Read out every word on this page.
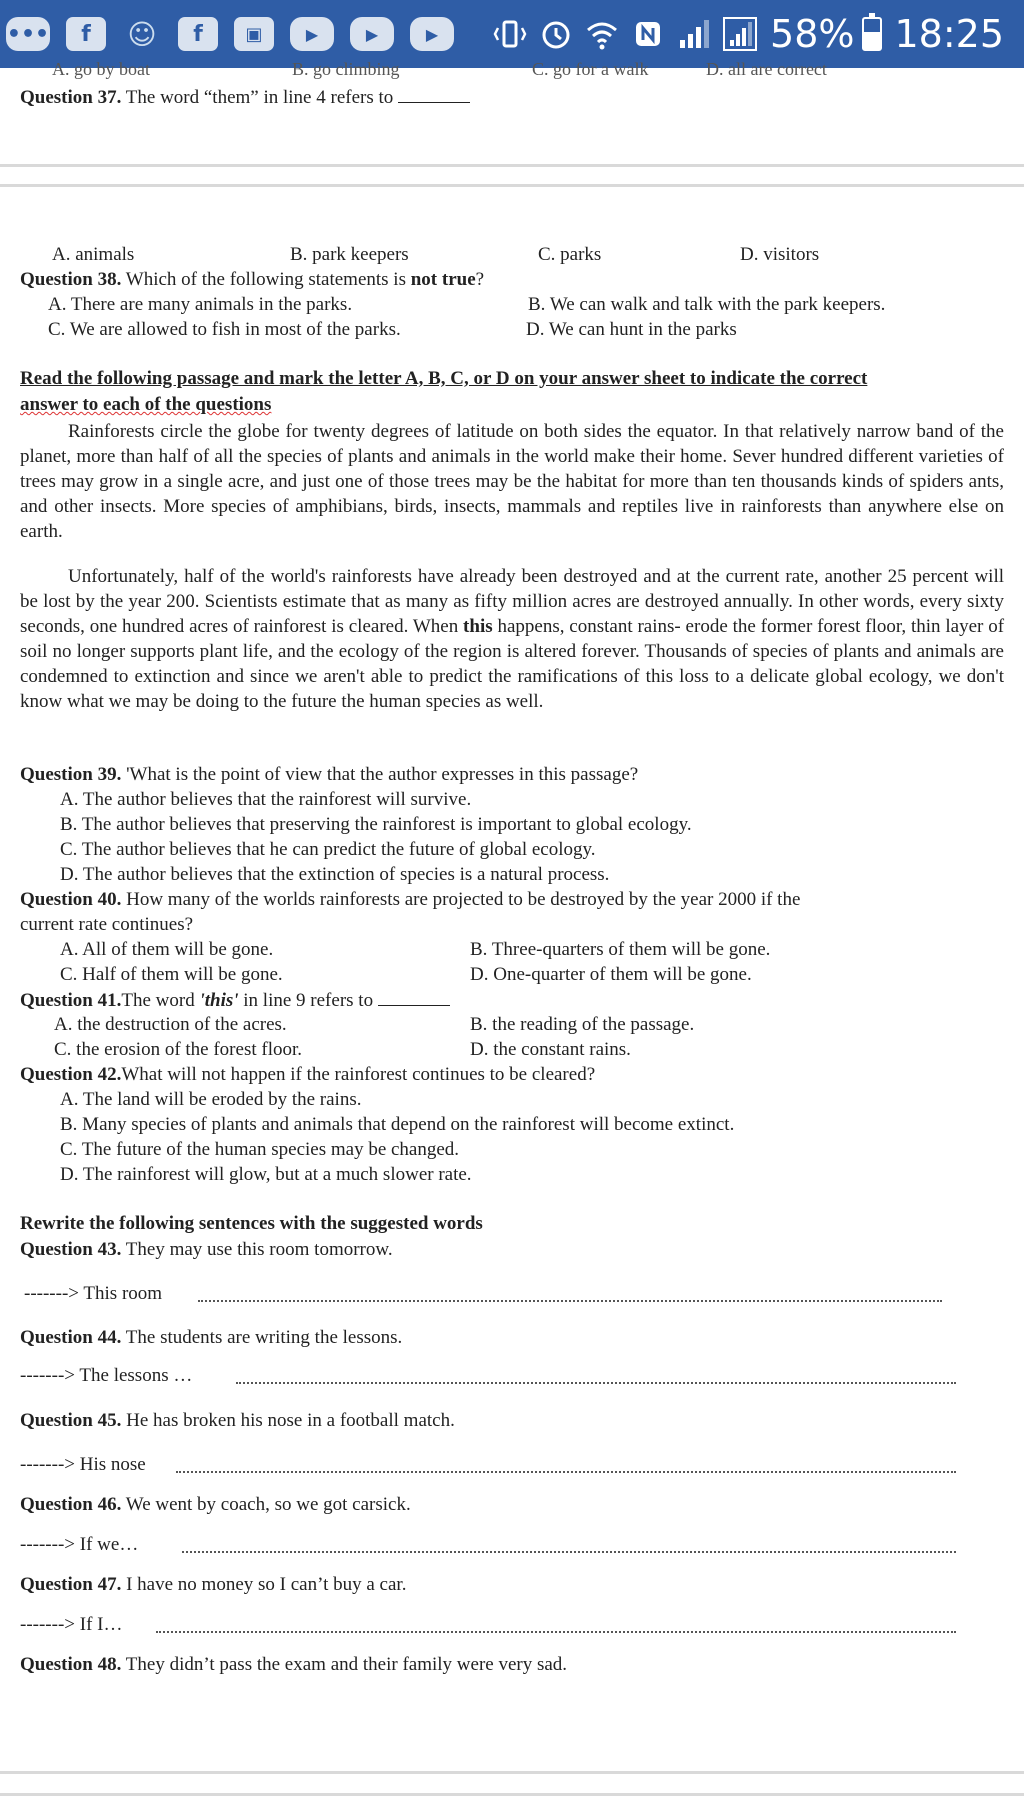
•••	f	☺	f	▣	▶	▶	▶	58% 18:25
A. go by boat	B. go climbing	C. go for a walk	D. all are correct
Question 37. The word “them” in line 4 refers to
A. animals	B. park keepers	C. parks	D. visitors
Question 38. Which of the following statements is not true?
A. There are many animals in the parks.	B. We can walk and talk with the park keepers.
C. We are allowed to fish in most of the parks.	D. We can hunt in the parks
Read the following passage and mark the letter A, B, C, or D on your answer sheet to indicate the correct
answer to each of the questions

Rainforests circle the globe for twenty degrees of latitude on both sides the equator. In that relatively narrow band of the planet, more than half of all the species of plants and animals in the world make their home. Sever hundred different varieties of trees may grow in a single acre, and just one of those trees may be the habitat for more than ten thousands kinds of spiders ants, and other insects. More species of amphibians, birds, insects, mammals and reptiles live in rainforests than anywhere else on earth.

Unfortunately, half of the world's rainforests have already been destroyed and at the current rate, another 25 percent will be lost by the year 200. Scientists estimate that as many as fifty million acres are destroyed annually. In other words, every sixty seconds, one hundred acres of rainforest is cleared. When this happens, constant rains- erode the former forest floor, thin layer of soil no longer supports plant life, and the ecology of the region is altered forever. Thousands of species of plants and animals are condemned to extinction and since we aren't able to predict the ramifications of this loss to a delicate global ecology, we don't know what we may be doing to the future the human species as well.

Question 39. 'What is the point of view that the author expresses in this passage?
A. The author believes that the rainforest will survive.
B. The author believes that preserving the rainforest is important to global ecology.
C. The author believes that he can predict the future of global ecology.
D. The author believes that the extinction of species is a natural process.
Question 40. How many of the worlds rainforests are projected to be destroyed by the year 2000 if the
current rate continues?
A. All of them will be gone.	B. Three-quarters of them will be gone.
C. Half of them will be gone.	D. One-quarter of them will be gone.
Question 41.The word 'this' in line 9 refers to
A. the destruction of the acres.	B. the reading of the passage.
C. the erosion of the forest floor.	D. the constant rains.
Question 42.What will not happen if the rainforest continues to be cleared?
A. The land will be eroded by the rains.
B. Many species of plants and animals that depend on the rainforest will become extinct.
C. The future of the human species may be changed.
D. The rainforest will glow, but at a much slower rate.
Rewrite the following sentences with the suggested words
Question 43. They may use this room tomorrow.
-------> This room
Question 44. The students are writing the lessons.
-------> The lessons …
Question 45. He has broken his nose in a football match.
-------> His nose
Question 46. We went by coach, so we got carsick.
-------> If we…
Question 47. I have no money so I can’t buy a car.
-------> If I…
Question 48. They didn’t pass the exam and their family were very sad.
